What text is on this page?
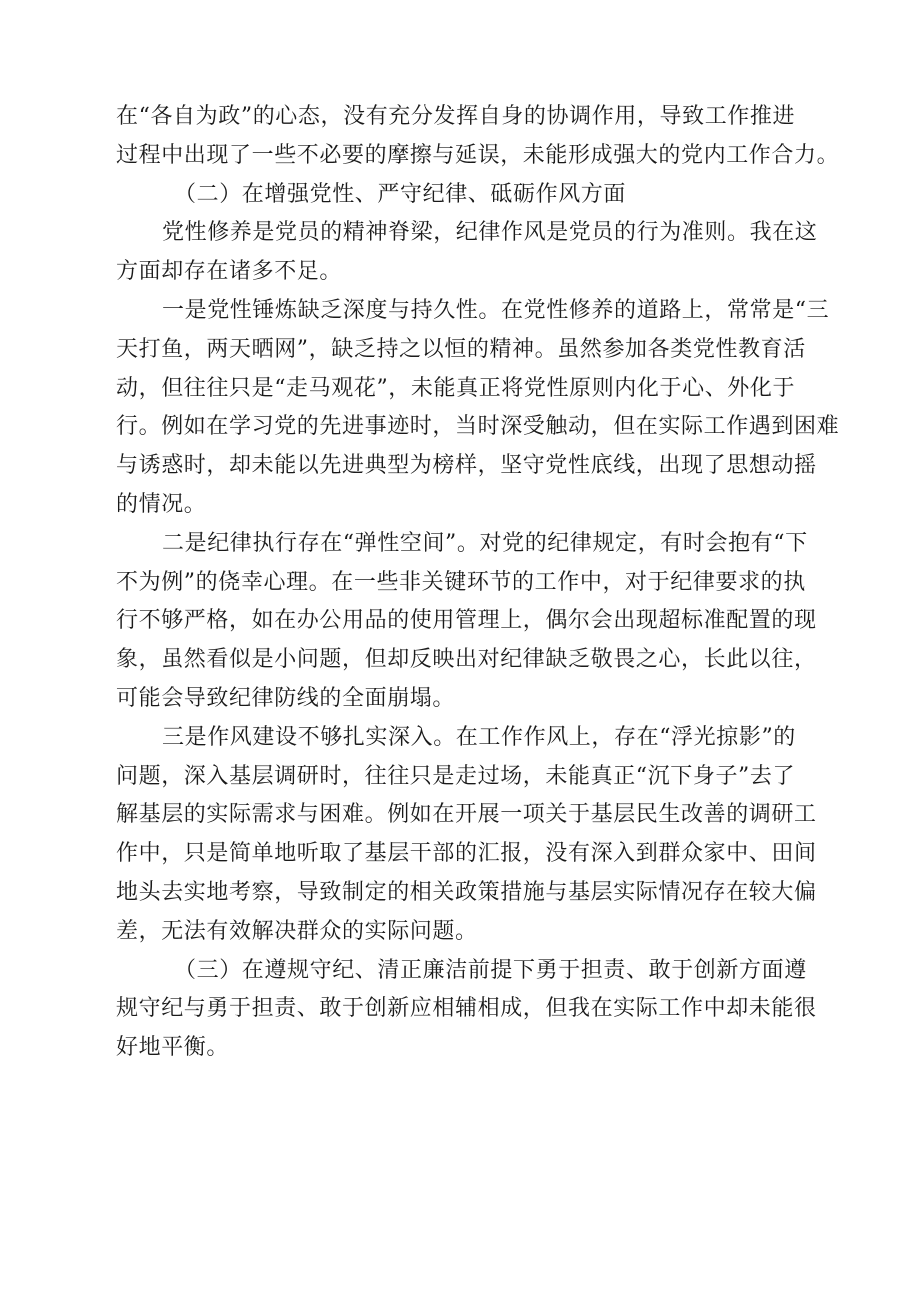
在“各自为政”的心态，没有充分发挥自身的协调作用，导致工作推进
过程中出现了一些不必要的摩擦与延误，未能形成强大的党内工作合力。

（二）在增强党性、严守纪律、砥砺作风方面

党性修养是党员的精神脊梁，纪律作风是党员的行为准则。我在这
方面却存在诸多不足。

一是党性锤炼缺乏深度与持久性。在党性修养的道路上，常常是“三
天打鱼，两天晒网”，缺乏持之以恒的精神。虽然参加各类党性教育活
动，但往往只是“走马观花”，未能真正将党性原则内化于心、外化于
行。例如在学习党的先进事迹时，当时深受触动，但在实际工作遇到困难
与诱惑时，却未能以先进典型为榜样，坚守党性底线，出现了思想动摇
的情况。

二是纪律执行存在“弹性空间”。对党的纪律规定，有时会抱有“下
不为例”的侥幸心理。在一些非关键环节的工作中，对于纪律要求的执
行不够严格，如在办公用品的使用管理上，偶尔会出现超标准配置的现
象，虽然看似是小问题，但却反映出对纪律缺乏敬畏之心，长此以往，
可能会导致纪律防线的全面崩塌。

三是作风建设不够扎实深入。在工作作风上，存在“浮光掠影”的
问题，深入基层调研时，往往只是走过场，未能真正“沉下身子”去了
解基层的实际需求与困难。例如在开展一项关于基层民生改善的调研工
作中，只是简单地听取了基层干部的汇报，没有深入到群众家中、田间
地头去实地考察，导致制定的相关政策措施与基层实际情况存在较大偏
差，无法有效解决群众的实际问题。

（三）在遵规守纪、清正廉洁前提下勇于担责、敢于创新方面遵
规守纪与勇于担责、敢于创新应相辅相成，但我在实际工作中却未能很
好地平衡。
